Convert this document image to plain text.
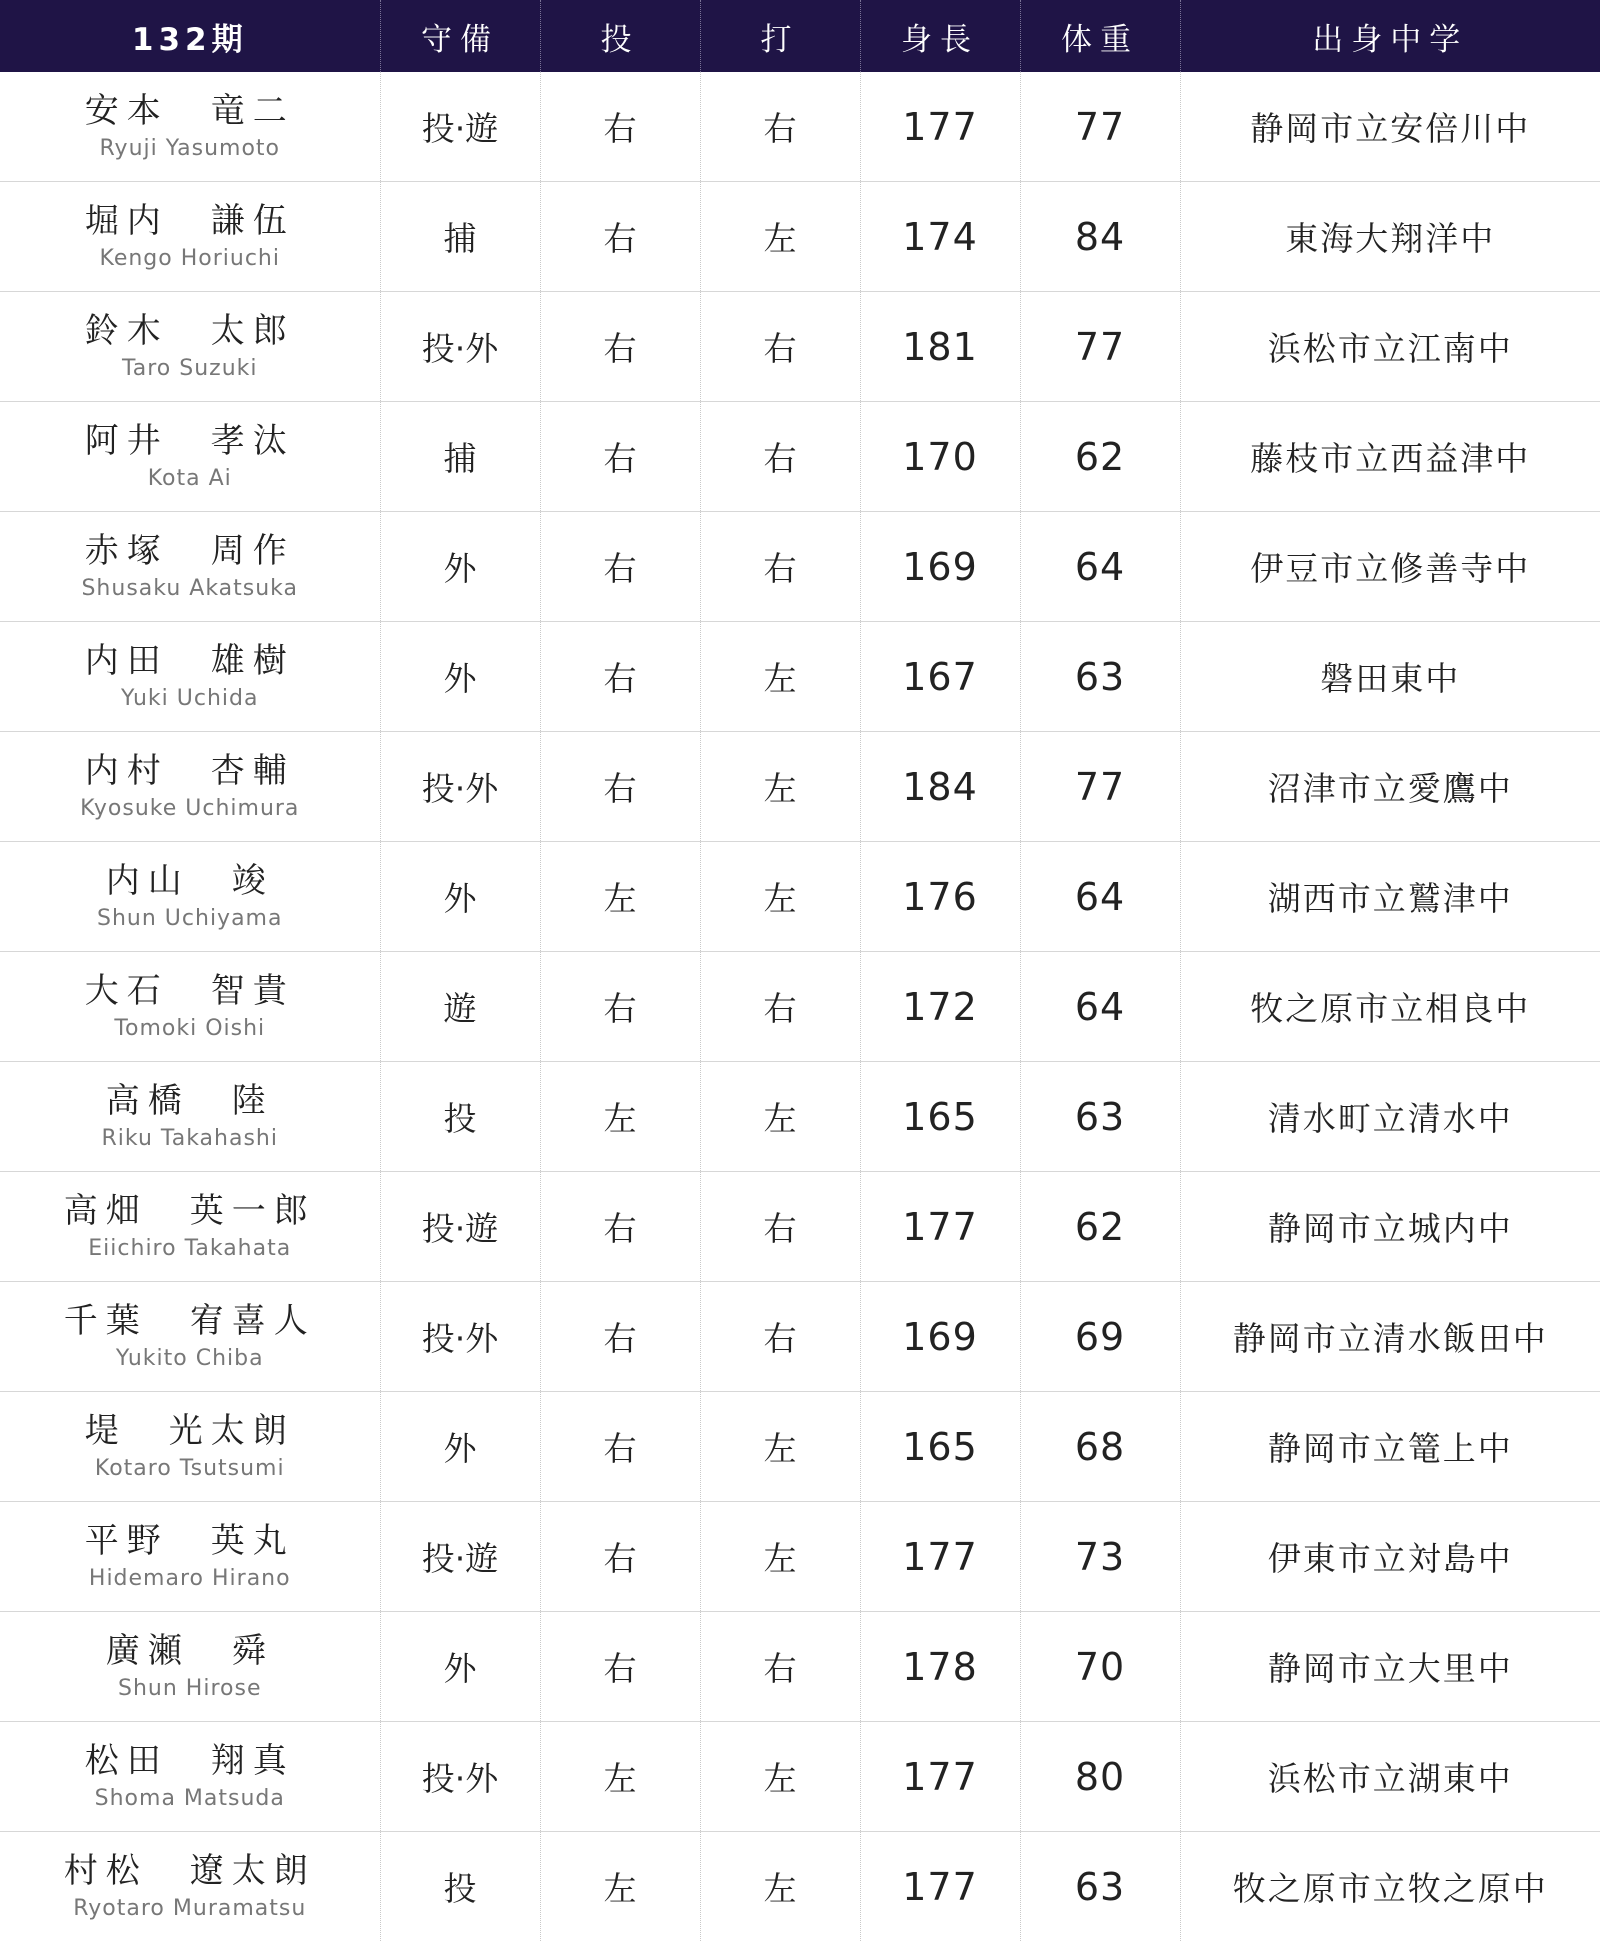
132期	守備	投	打	身長	体重	出身中学

安本　竜二
Ryuji Yasumoto	投·遊	右	右	177	77	静岡市立安倍川中

堀内　謙伍
Kengo Horiuchi	捕	右	左	174	84	東海大翔洋中

鈴木　太郎
Taro Suzuki	投·外	右	右	181	77	浜松市立江南中

阿井　孝汰
Kota Ai	捕	右	右	170	62	藤枝市立西益津中

赤塚　周作
Shusaku Akatsuka	外	右	右	169	64	伊豆市立修善寺中

内田　雄樹
Yuki Uchida	外	右	左	167	63	磐田東中

内村　杏輔
Kyosuke Uchimura	投·外	右	左	184	77	沼津市立愛鷹中

内山　竣
Shun Uchiyama	外	左	左	176	64	湖西市立鷲津中

大石　智貴
Tomoki Oishi	遊	右	右	172	64	牧之原市立相良中

高橋　陸
Riku Takahashi	投	左	左	165	63	清水町立清水中

高畑　英一郎
Eiichiro Takahata	投·遊	右	右	177	62	静岡市立城内中

千葉　宥喜人
Yukito Chiba	投·外	右	右	169	69	静岡市立清水飯田中

堤　光太朗
Kotaro Tsutsumi	外	右	左	165	68	静岡市立篭上中

平野　英丸
Hidemaro Hirano	投·遊	右	左	177	73	伊東市立対島中

廣瀬　舜
Shun Hirose	外	右	右	178	70	静岡市立大里中

松田　翔真
Shoma Matsuda	投·外	左	左	177	80	浜松市立湖東中

村松　遼太朗
Ryotaro Muramatsu	投	左	左	177	63	牧之原市立牧之原中
